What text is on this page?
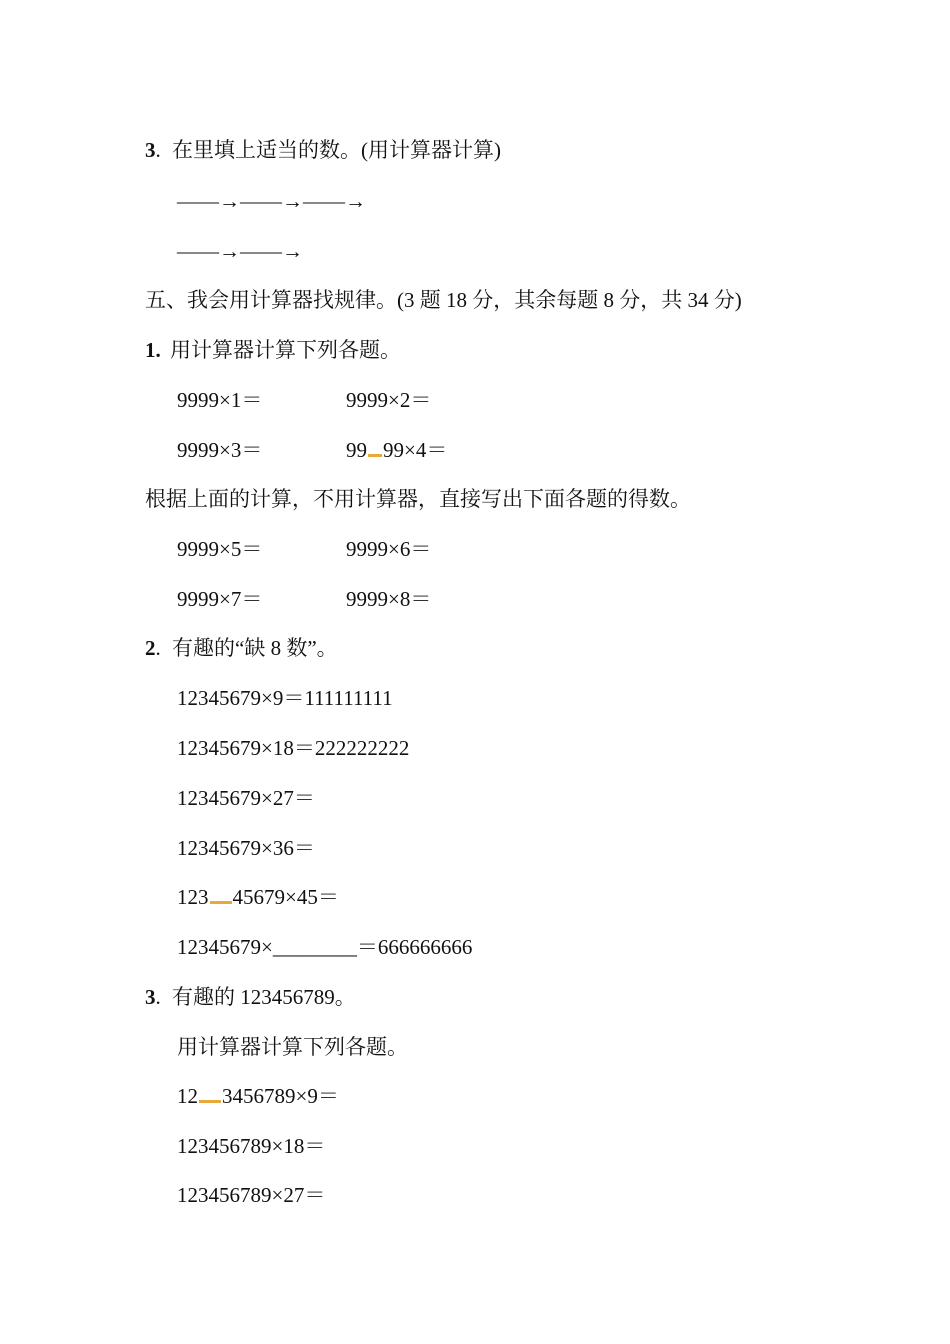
3. 在里填上适当的数。(用计算器计算)
——→——→——→
——→——→
五、我会用计算器找规律。(3 题 18 分，其余每题 8 分，共 34 分)
1. 用计算器计算下列各题。
9999×1＝	9999×2＝
9999×3＝	99 99×4＝
根据上面的计算，不用计算器，直接写出下面各题的得数。
9999×5＝	9999×6＝
9999×7＝	9999×8＝
2. 有趣的“缺 8 数”。
12345679×9＝111111111
12345679×18＝222222222
12345679×27＝
12345679×36＝
123 45679×45＝
12345679×________＝666666666
3. 有趣的 123456789。
用计算器计算下列各题。
12 3456789×9＝
123456789×18＝
123456789×27＝
